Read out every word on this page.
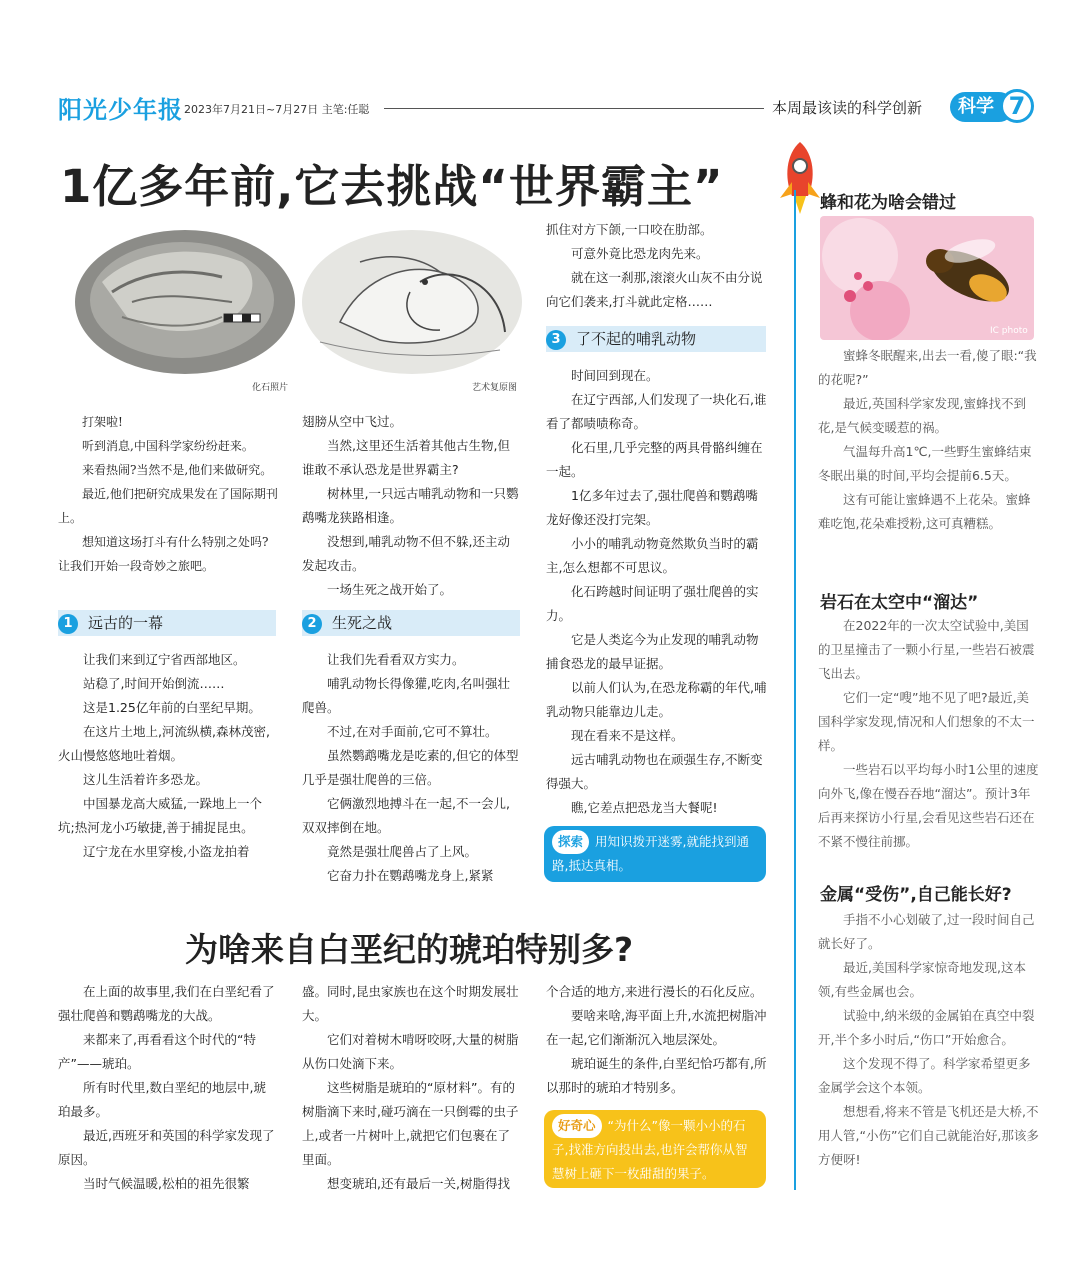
阳光少年报 2023年7月21日~7月27日 主笔:任聪	本周最该读的科学创新	科学 7
1亿多年前,它去挑战“世界霸主”
化石照片	艺术复原图

打架啦!

听到消息,中国科学家纷纷赶来。

来看热闹?当然不是,他们来做研究。

最近,他们把研究成果发在了国际期刊上。

想知道这场打斗有什么特别之处吗?让我们开始一段奇妙之旅吧。

1 远古的一幕

让我们来到辽宁省西部地区。

站稳了,时间开始倒流……

这是1.25亿年前的白垩纪早期。

在这片土地上,河流纵横,森林茂密,火山慢悠悠地吐着烟。

这儿生活着许多恐龙。

中国暴龙高大威猛,一跺地上一个坑;热河龙小巧敏捷,善于捕捉昆虫。

辽宁龙在水里穿梭,小盗龙拍着

翅膀从空中飞过。

当然,这里还生活着其他古生物,但谁敢不承认恐龙是世界霸主?

树林里,一只远古哺乳动物和一只鹦鹉嘴龙狭路相逢。

没想到,哺乳动物不但不躲,还主动发起攻击。

一场生死之战开始了。

2 生死之战

让我们先看看双方实力。

哺乳动物长得像獾,吃肉,名叫强壮爬兽。

不过,在对手面前,它可不算壮。

虽然鹦鹉嘴龙是吃素的,但它的体型几乎是强壮爬兽的三倍。

它俩激烈地搏斗在一起,不一会儿,双双摔倒在地。

竟然是强壮爬兽占了上风。

它奋力扑在鹦鹉嘴龙身上,紧紧

抓住对方下颌,一口咬在肋部。

可意外竟比恐龙肉先来。

就在这一刹那,滚滚火山灰不由分说向它们袭来,打斗就此定格……

3 了不起的哺乳动物

时间回到现在。

在辽宁西部,人们发现了一块化石,谁看了都啧啧称奇。

化石里,几乎完整的两具骨骼纠缠在一起。

1亿多年过去了,强壮爬兽和鹦鹉嘴龙好像还没打完架。

小小的哺乳动物竟然欺负当时的霸主,怎么想都不可思议。

化石跨越时间证明了强壮爬兽的实力。

它是人类迄今为止发现的哺乳动物捕食恐龙的最早证据。

以前人们认为,在恐龙称霸的年代,哺乳动物只能靠边儿走。

现在看来不是这样。

远古哺乳动物也在顽强生存,不断变得强大。

瞧,它差点把恐龙当大餐呢!

探索 用知识拨开迷雾,就能找到通路,抵达真相。
为啥来自白垩纪的琥珀特别多?

在上面的故事里,我们在白垩纪看了强壮爬兽和鹦鹉嘴龙的大战。

来都来了,再看看这个时代的“特产”——琥珀。

所有时代里,数白垩纪的地层中,琥珀最多。

最近,西班牙和英国的科学家发现了原因。

当时气候温暖,松柏的祖先很繁

盛。同时,昆虫家族也在这个时期发展壮大。

它们对着树木啃呀咬呀,大量的树脂从伤口处滴下来。

这些树脂是琥珀的“原材料”。有的树脂滴下来时,碰巧滴在一只倒霉的虫子上,或者一片树叶上,就把它们包裹在了里面。

想变琥珀,还有最后一关,树脂得找

个合适的地方,来进行漫长的石化反应。

要啥来啥,海平面上升,水流把树脂冲在一起,它们渐渐沉入地层深处。

琥珀诞生的条件,白垩纪恰巧都有,所以那时的琥珀才特别多。

好奇心 “为什么”像一颗小小的石子,找准方向投出去,也许会帮你从智慧树上砸下一枚甜甜的果子。
蜂和花为啥会错过
IC photo

蜜蜂冬眠醒来,出去一看,傻了眼:“我的花呢?”

最近,英国科学家发现,蜜蜂找不到花,是气候变暖惹的祸。

气温每升高1℃,一些野生蜜蜂结束冬眠出巢的时间,平均会提前6.5天。

这有可能让蜜蜂遇不上花朵。蜜蜂难吃饱,花朵难授粉,这可真糟糕。

岩石在太空中“溜达”

在2022年的一次太空试验中,美国的卫星撞击了一颗小行星,一些岩石被震飞出去。

它们一定“嗖”地不见了吧?最近,美国科学家发现,情况和人们想象的不太一样。

一些岩石以平均每小时1公里的速度向外飞,像在慢吞吞地“溜达”。预计3年后再来探访小行星,会看见这些岩石还在不紧不慢往前挪。

金属“受伤”,自己能长好?

手指不小心划破了,过一段时间自己就长好了。

最近,美国科学家惊奇地发现,这本领,有些金属也会。

试验中,纳米级的金属铂在真空中裂开,半个多小时后,“伤口”开始愈合。

这个发现不得了。科学家希望更多金属学会这个本领。

想想看,将来不管是飞机还是大桥,不用人管,“小伤”它们自己就能治好,那该多方便呀!
